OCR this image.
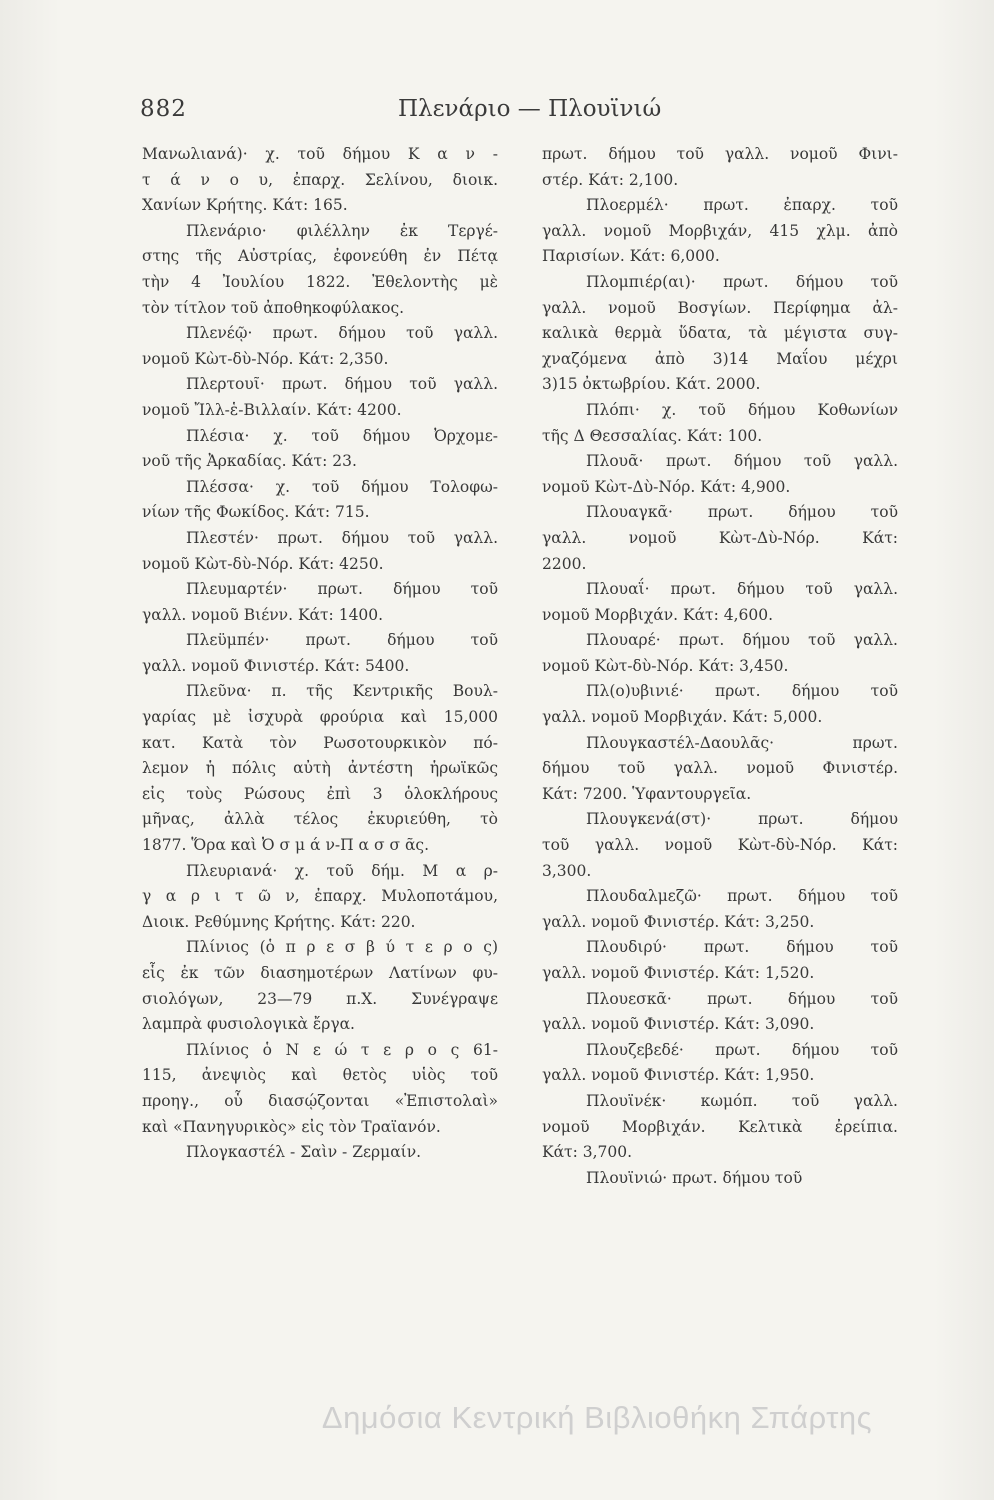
882	Πλενάριο — Πλουϊνιώ
Μανωλιανά)· χ. τοῦ δήμου Κ α ν -
τ ά ν ο υ, ἐπαρχ. Σελίνου, διοικ.
Χανίων Κρήτης. Κάτ: 165.
Πλενάριο· φιλέλλην ἐκ Τεργέ-
στης τῆς Αὐστρίας, ἐφονεύθη ἐν Πέτᾳ
τὴν 4 Ἰουλίου 1822. Ἐθελοντὴς μὲ
τὸν τίτλον τοῦ ἀποθηκοφύλακος.
Πλενέῷ· πρωτ. δήμου τοῦ γαλλ.
νομοῦ Κὼτ-δὺ-Νόρ. Κάτ: 2,350.
Πλερτουῖ· πρωτ. δήμου τοῦ γαλλ.
νομοῦ Ἴλλ-ἑ-Βιλλαίν. Κάτ: 4200.
Πλέσια· χ. τοῦ δήμου Ὀρχομε-
νοῦ τῆς Ἀρκαδίας. Κάτ: 23.
Πλέσσα· χ. τοῦ δήμου Τολοφω-
νίων τῆς Φωκίδος. Κάτ: 715.
Πλεστέν· πρωτ. δήμου τοῦ γαλλ.
νομοῦ Κὼτ-δὺ-Νόρ. Κάτ: 4250.
Πλευμαρτέν· πρωτ. δήμου τοῦ
γαλλ. νομοῦ Βιένν. Κάτ: 1400.
Πλεϋμπέν· πρωτ. δήμου τοῦ
γαλλ. νομοῦ Φινιστέρ. Κάτ: 5400.
Πλεῦνα· π. τῆς Κεντρικῆς Βουλ-
γαρίας μὲ ἰσχυρὰ φρούρια καὶ 15,000
κατ. Κατὰ τὸν Ρωσοτουρκικὸν πό-
λεμον ἡ πόλις αὐτὴ ἀντέστη ἡρωϊκῶς
εἰς τοὺς Ρώσους ἐπὶ 3 ὁλοκλήρους
μῆνας, ἀλλὰ τέλος ἐκυριεύθη, τὸ
1877. Ὅρα καὶ Ὀ σ μ ά ν-Π α σ σ ᾶς.
Πλευριανά· χ. τοῦ δήμ. Μ α ρ-
γ α ρ ι τ ῶ ν, ἐπαρχ. Μυλοποτάμου,
Διοικ. Ρεθύμνης Κρήτης. Κάτ: 220.
Πλίνιος (ὁ π ρ ε σ β ύ τ ε ρ ο ς)
εἷς ἐκ τῶν διασημοτέρων Λατίνων φυ-
σιολόγων, 23—79 π.Χ. Συνέγραψε
λαμπρὰ φυσιολογικὰ ἔργα.
Πλίνιος ὁ Ν ε ώ τ ε ρ ο ς 61-
115, ἀνεψιὸς καὶ θετὸς υἱὸς τοῦ
προηγ., οὗ διασῴζονται «Ἐπιστολαὶ»
καὶ «Πανηγυρικὸς» εἰς τὸν Τραϊανόν.
Πλογκαστέλ - Σαὶν - Ζερμαίν.
πρωτ. δήμου τοῦ γαλλ. νομοῦ Φινι-
στέρ. Κάτ: 2,100.
Πλοερμέλ· πρωτ. ἐπαρχ. τοῦ
γαλλ. νομοῦ Μορβιχάν, 415 χλμ. ἀπὸ
Παρισίων. Κάτ: 6,000.
Πλομπιέρ(αι)· πρωτ. δήμου τοῦ
γαλλ. νομοῦ Βοσγίων. Περίφημα ἀλ-
καλικὰ θερμὰ ὕδατα, τὰ μέγιστα συγ-
χναζόμενα ἀπὸ 3)14 Μαΐου μέχρι
3)15 ὀκτωβρίου. Κάτ. 2000.
Πλόπι· χ. τοῦ δήμου Κοθωνίων
τῆς Δ Θεσσαλίας. Κάτ: 100.
Πλουᾶ· πρωτ. δήμου τοῦ γαλλ.
νομοῦ Κὼτ-Δὺ-Νόρ. Κάτ: 4,900.
Πλουαγκᾶ· πρωτ. δήμου τοῦ
γαλλ. νομοῦ Κὼτ-Δὺ-Νόρ. Κάτ:
2200.
Πλουαΐ· πρωτ. δήμου τοῦ γαλλ.
νομοῦ Μορβιχάν. Κάτ: 4,600.
Πλουαρέ· πρωτ. δήμου τοῦ γαλλ.
νομοῦ Κὼτ-δὺ-Νόρ. Κάτ: 3,450.
Πλ(ο)υβινιέ· πρωτ. δήμου τοῦ
γαλλ. νομοῦ Μορβιχάν. Κάτ: 5,000.
Πλουγκαστέλ-Δαουλᾶς· πρωτ.
δήμου τοῦ γαλλ. νομοῦ Φινιστέρ.
Κάτ: 7200. Ὑφαντουργεῖα.
Πλουγκενά(στ)· πρωτ. δήμου
τοῦ γαλλ. νομοῦ Κὼτ-δὺ-Νόρ. Κάτ:
3,300.
Πλουδαλμεζῶ· πρωτ. δήμου τοῦ
γαλλ. νομοῦ Φινιστέρ. Κάτ: 3,250.
Πλουδιρύ· πρωτ. δήμου τοῦ
γαλλ. νομοῦ Φινιστέρ. Κάτ: 1,520.
Πλουεσκᾶ· πρωτ. δήμου τοῦ
γαλλ. νομοῦ Φινιστέρ. Κάτ: 3,090.
Πλουζεβεδέ· πρωτ. δήμου τοῦ
γαλλ. νομοῦ Φινιστέρ. Κάτ: 1,950.
Πλουϊνέκ· κωμόπ. τοῦ γαλλ.
νομοῦ Μορβιχάν. Κελτικὰ ἐρείπια.
Κάτ: 3,700.
Πλουϊνιώ· πρωτ. δήμου τοῦ
Δημόσια Κεντρική Βιβλιοθήκη Σπάρτης
